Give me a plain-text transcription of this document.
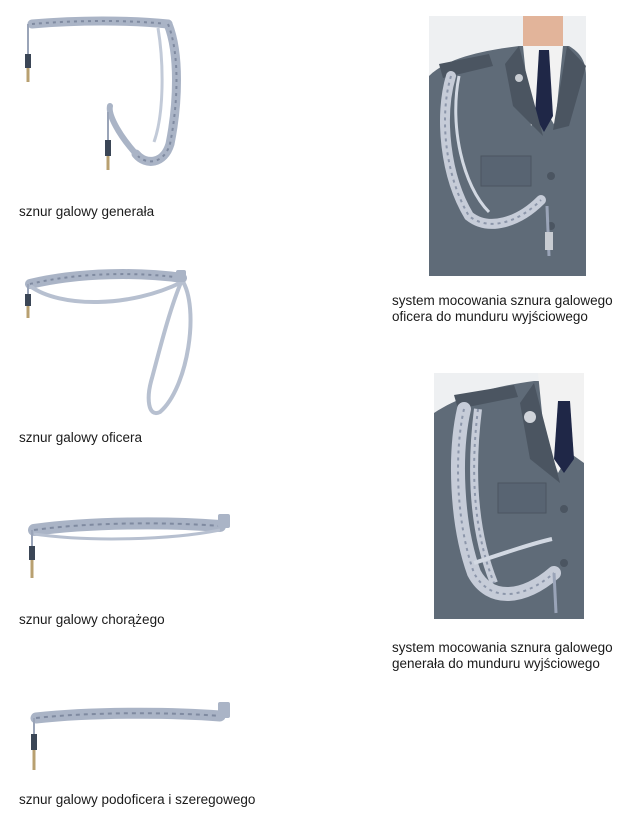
sznur galowy generała

sznur galowy oficera

sznur galowy chorążego

sznur galowy podoficera i szeregowego

system mocowania sznura galowego

oficera do munduru wyjściowego

system mocowania sznura galowego

generała do munduru wyjściowego
